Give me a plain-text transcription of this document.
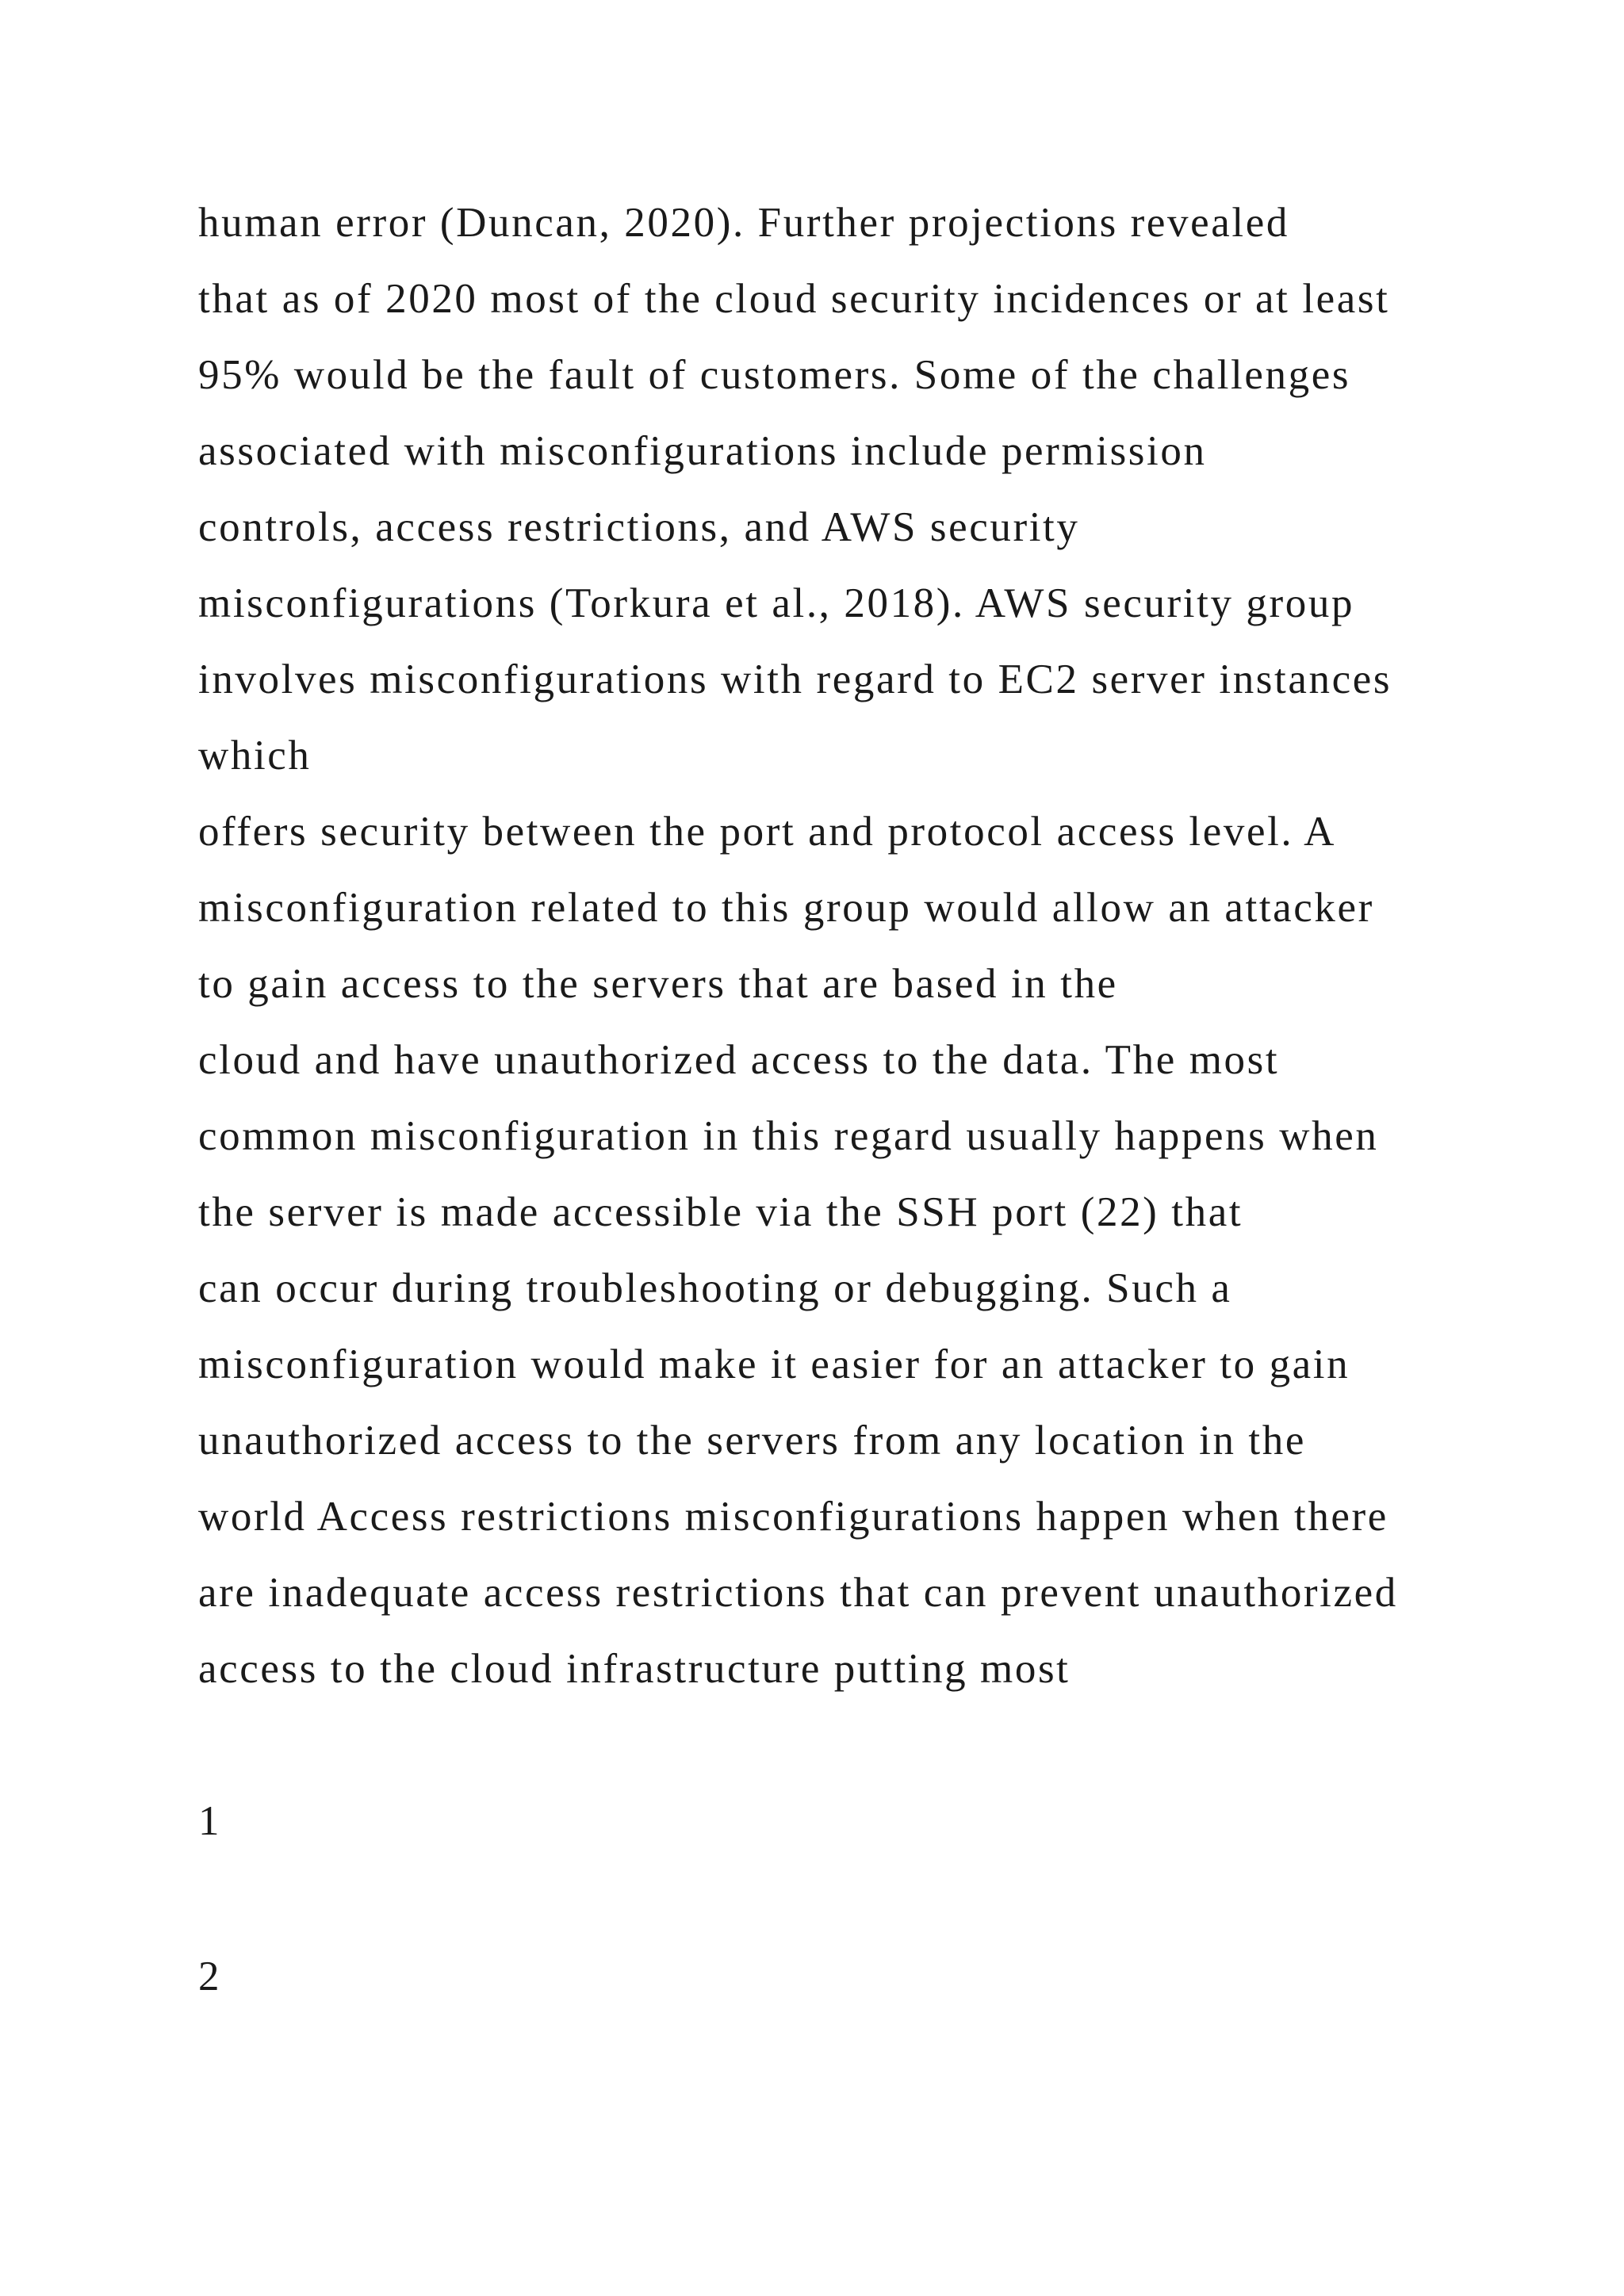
human error (Duncan, 2020). Further projections revealed
that as of 2020 most of the cloud security incidences or at least
95% would be the fault of customers. Some of the challenges
associated with misconfigurations include permission
controls, access restrictions, and AWS security
misconfigurations (Torkura et al., 2018). AWS security group
involves misconfigurations with regard to EC2 server instances
which
offers security between the port and protocol access level. A
misconfiguration related to this group would allow an attacker
to gain access to the servers that are based in the
cloud and have unauthorized access to the data. The most
common misconfiguration in this regard usually happens when
the server is made accessible via the SSH port (22) that
can occur during troubleshooting or debugging. Such a
misconfiguration would make it easier for an attacker to gain
unauthorized access to the servers from any location in the
world Access restrictions misconfigurations happen when there
are inadequate access restrictions that can prevent unauthorized
access to the cloud infrastructure putting most
1
2
